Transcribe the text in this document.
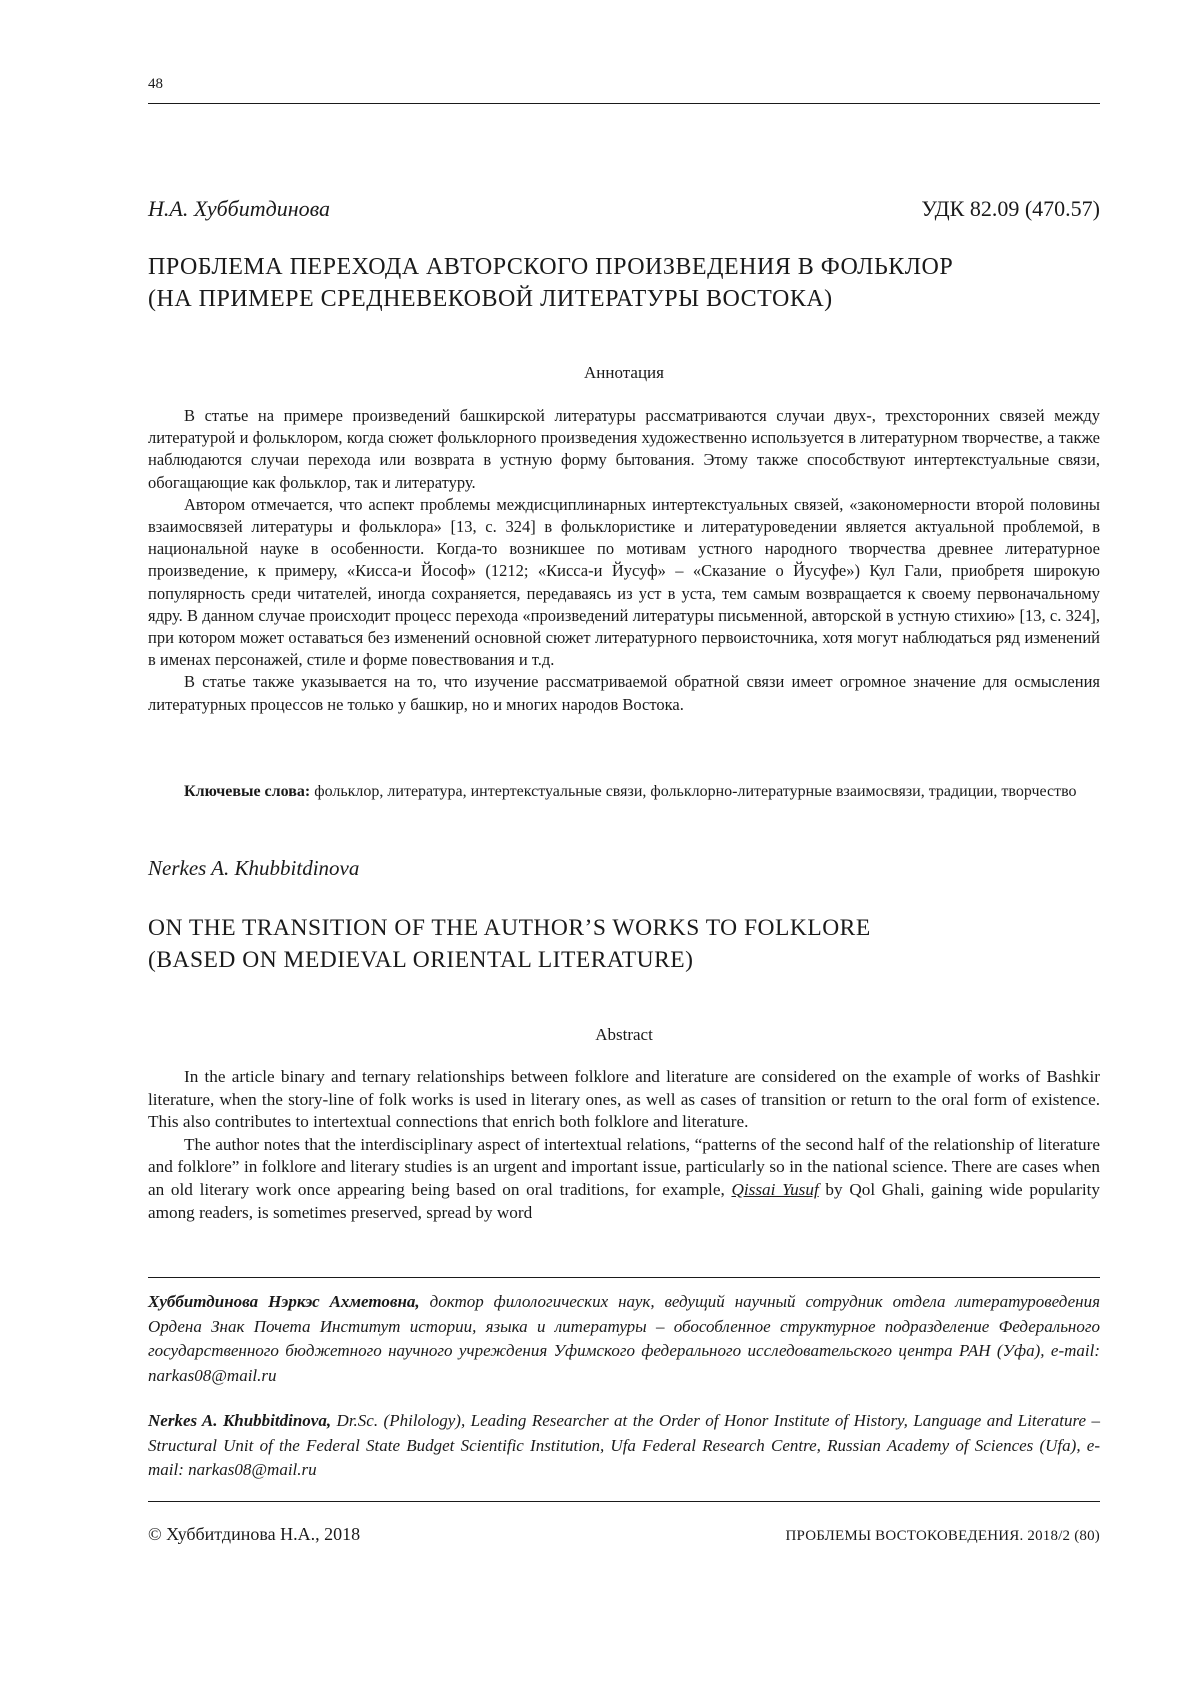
48
Н.А. Хуббитдинова	УДК 82.09 (470.57)
ПРОБЛЕМА ПЕРЕХОДА АВТОРСКОГО ПРОИЗВЕДЕНИЯ В ФОЛЬКЛОР
(НА ПРИМЕРЕ СРЕДНЕВЕКОВОЙ ЛИТЕРАТУРЫ ВОСТОКА)
Аннотация

В статье на примере произведений башкирской литературы рассматриваются случаи двух-, трехсторонних связей между литературой и фольклором, когда сюжет фольклорного произведения художественно используется в литературном творчестве, а также наблюдаются случаи перехода или возврата в устную форму бытования. Этому также способствуют интертекстуальные связи, обогащающие как фольклор, так и литературу.

Автором отмечается, что аспект проблемы междисциплинарных интертекстуальных связей, «закономерности второй половины взаимосвязей литературы и фольклора» [13, с. 324] в фольклористике и литературоведении является актуальной проблемой, в национальной науке в особенности. Когда-то возникшее по мотивам устного народного творчества древнее литературное произведение, к примеру, «Кисса-и Йософ» (1212; «Кисса-и Йусуф» – «Сказание о Йусуфе») Кул Гали, приобретя широкую популярность среди читателей, иногда сохраняется, передаваясь из уст в уста, тем самым возвращается к своему первоначальному ядру. В данном случае происходит процесс перехода «произведений литературы письменной, авторской в устную стихию» [13, с. 324], при котором может оставаться без изменений основной сюжет литературного первоисточника, хотя могут наблюдаться ряд изменений в именах персонажей, стиле и форме повествования и т.д.

В статье также указывается на то, что изучение рассматриваемой обратной связи имеет огромное значение для осмысления литературных процессов не только у башкир, но и многих народов Востока.

Ключевые слова: фольклор, литература, интертекстуальные связи, фольклорно-литературные взаимосвязи, традиции, творчество
Nerkes A. Khubbitdinova
ON THE TRANSITION OF THE AUTHOR’S WORKS TO FOLKLORE
(BASED ON MEDIEVAL ORIENTAL LITERATURE)
Abstract

In the article binary and ternary relationships between folklore and literature are considered on the example of works of Bashkir literature, when the story-line of folk works is used in literary ones, as well as cases of transition or return to the oral form of existence. This also contributes to intertextual connections that enrich both folklore and literature.

The author notes that the interdisciplinary aspect of intertextual relations, “patterns of the second half of the relationship of literature and folklore” in folklore and literary studies is an urgent and important issue, particularly so in the national science. There are cases when an old literary work once appearing being based on oral traditions, for example, Qissai Yusuf by Qol Ghali, gaining wide popularity among readers, is sometimes preserved, spread by word

Хуббитдинова Нэркэс Ахметовна, доктор филологических наук, ведущий научный сотрудник отдела литературоведения Ордена Знак Почета Институт истории, языка и литературы – обособленное структурное подразделение Федерального государственного бюджетного научного учреждения Уфимского федерального исследовательского центра РАН (Уфа), e-mail: narkas08@mail.ru
Nerkes A. Khubbitdinova, Dr.Sc. (Philology), Leading Researcher at the Order of Honor Institute of History, Language and Literature – Structural Unit of the Federal State Budget Scientific Institution, Ufa Federal Research Centre, Russian Academy of Sciences (Ufa), e-mail: narkas08@mail.ru
© Хуббитдинова Н.А., 2018	ПРОБЛЕМЫ ВОСТОКОВЕДЕНИЯ. 2018/2 (80)
